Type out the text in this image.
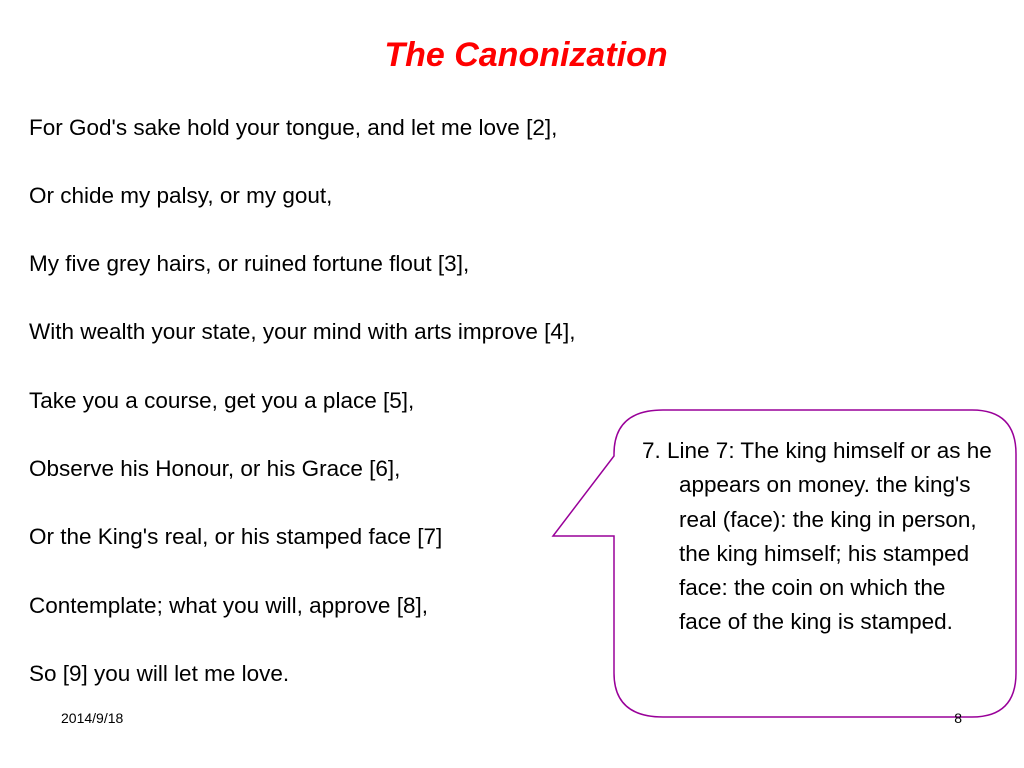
The Canonization
For God's sake hold your tongue, and let me love [2],
Or chide my palsy, or my gout,
My five grey hairs, or ruined fortune flout [3],
With wealth your state, your mind with arts improve [4],
Take you a course, get you a place [5],
Observe his Honour, or his Grace [6],
Or the King's real, or his stamped face [7]
Contemplate; what you will, approve [8],
So [9] you will let me love.
7. Line 7: The king himself or as he appears on money. the king's real (face): the king in person, the king himself; his stamped face: the coin on which the face of the king is stamped.
2014/9/18	8
